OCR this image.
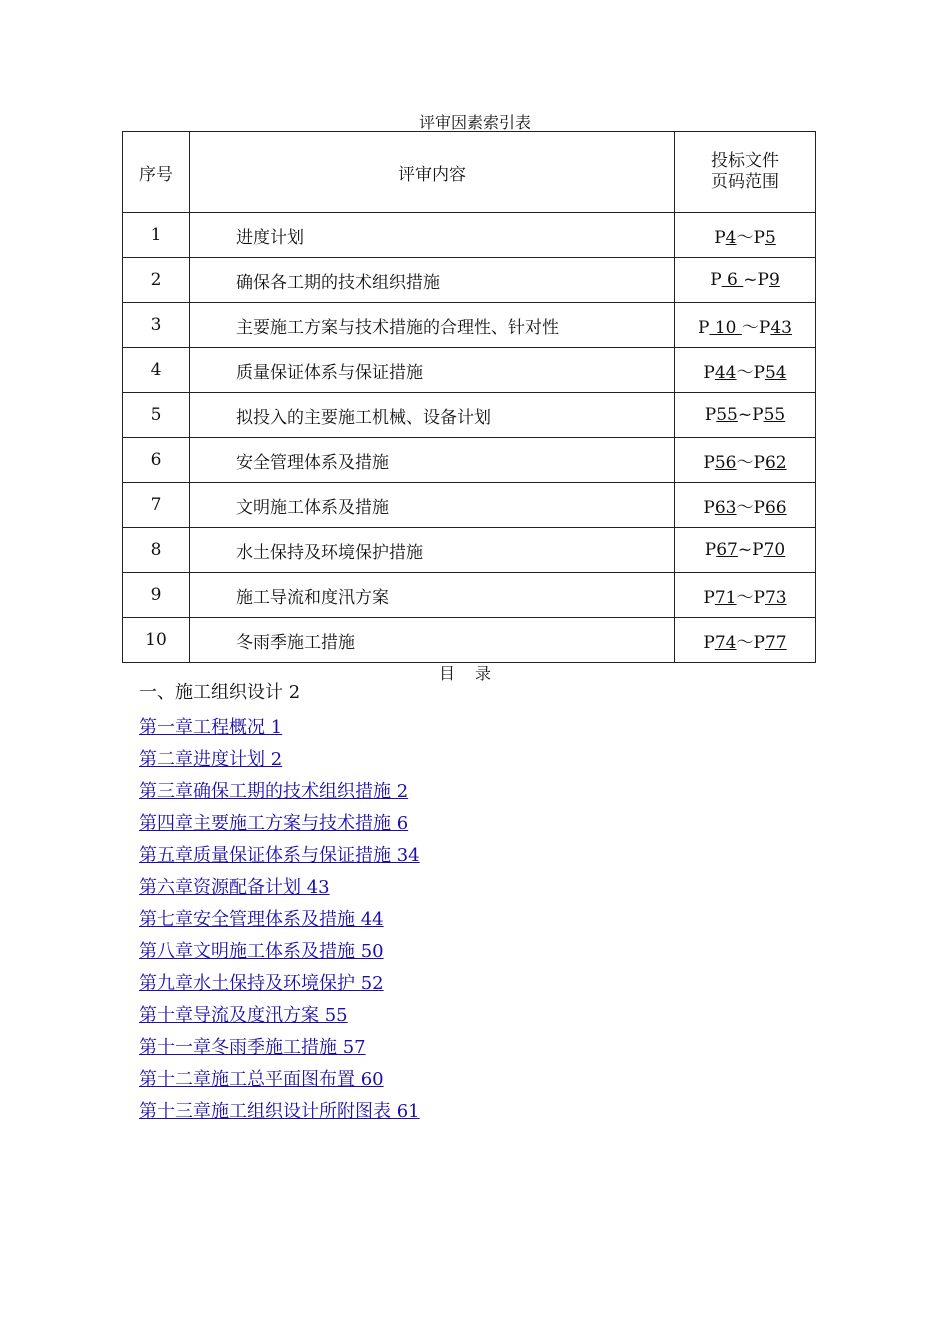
评审因素索引表
序号	评审内容	投标文件
页码范围

1	进度计划	P4～P5
2	确保各工期的技术组织措施	P 6 ~P9
3	主要施工方案与技术措施的合理性、针对性	P 10 ～P43
4	质量保证体系与保证措施	P44～P54
5	拟投入的主要施工机械、设备计划	P55~P55
6	安全管理体系及措施	P56～P62
7	文明施工体系及措施	P63～P66
8	水土保持及环境保护措施	P67~P70
9	施工导流和度汛方案	P71～P73
10	冬雨季施工措施	P74～P77
目录
一、施工组织设计 2
第一章工程概况 1
第二章进度计划 2
第三章确保工期的技术组织措施 2
第四章主要施工方案与技术措施 6
第五章质量保证体系与保证措施 34
第六章资源配备计划 43
第七章安全管理体系及措施 44
第八章文明施工体系及措施 50
第九章水土保持及环境保护 52
第十章导流及度汛方案 55
第十一章冬雨季施工措施 57
第十二章施工总平面图布置 60
第十三章施工组织设计所附图表 61
